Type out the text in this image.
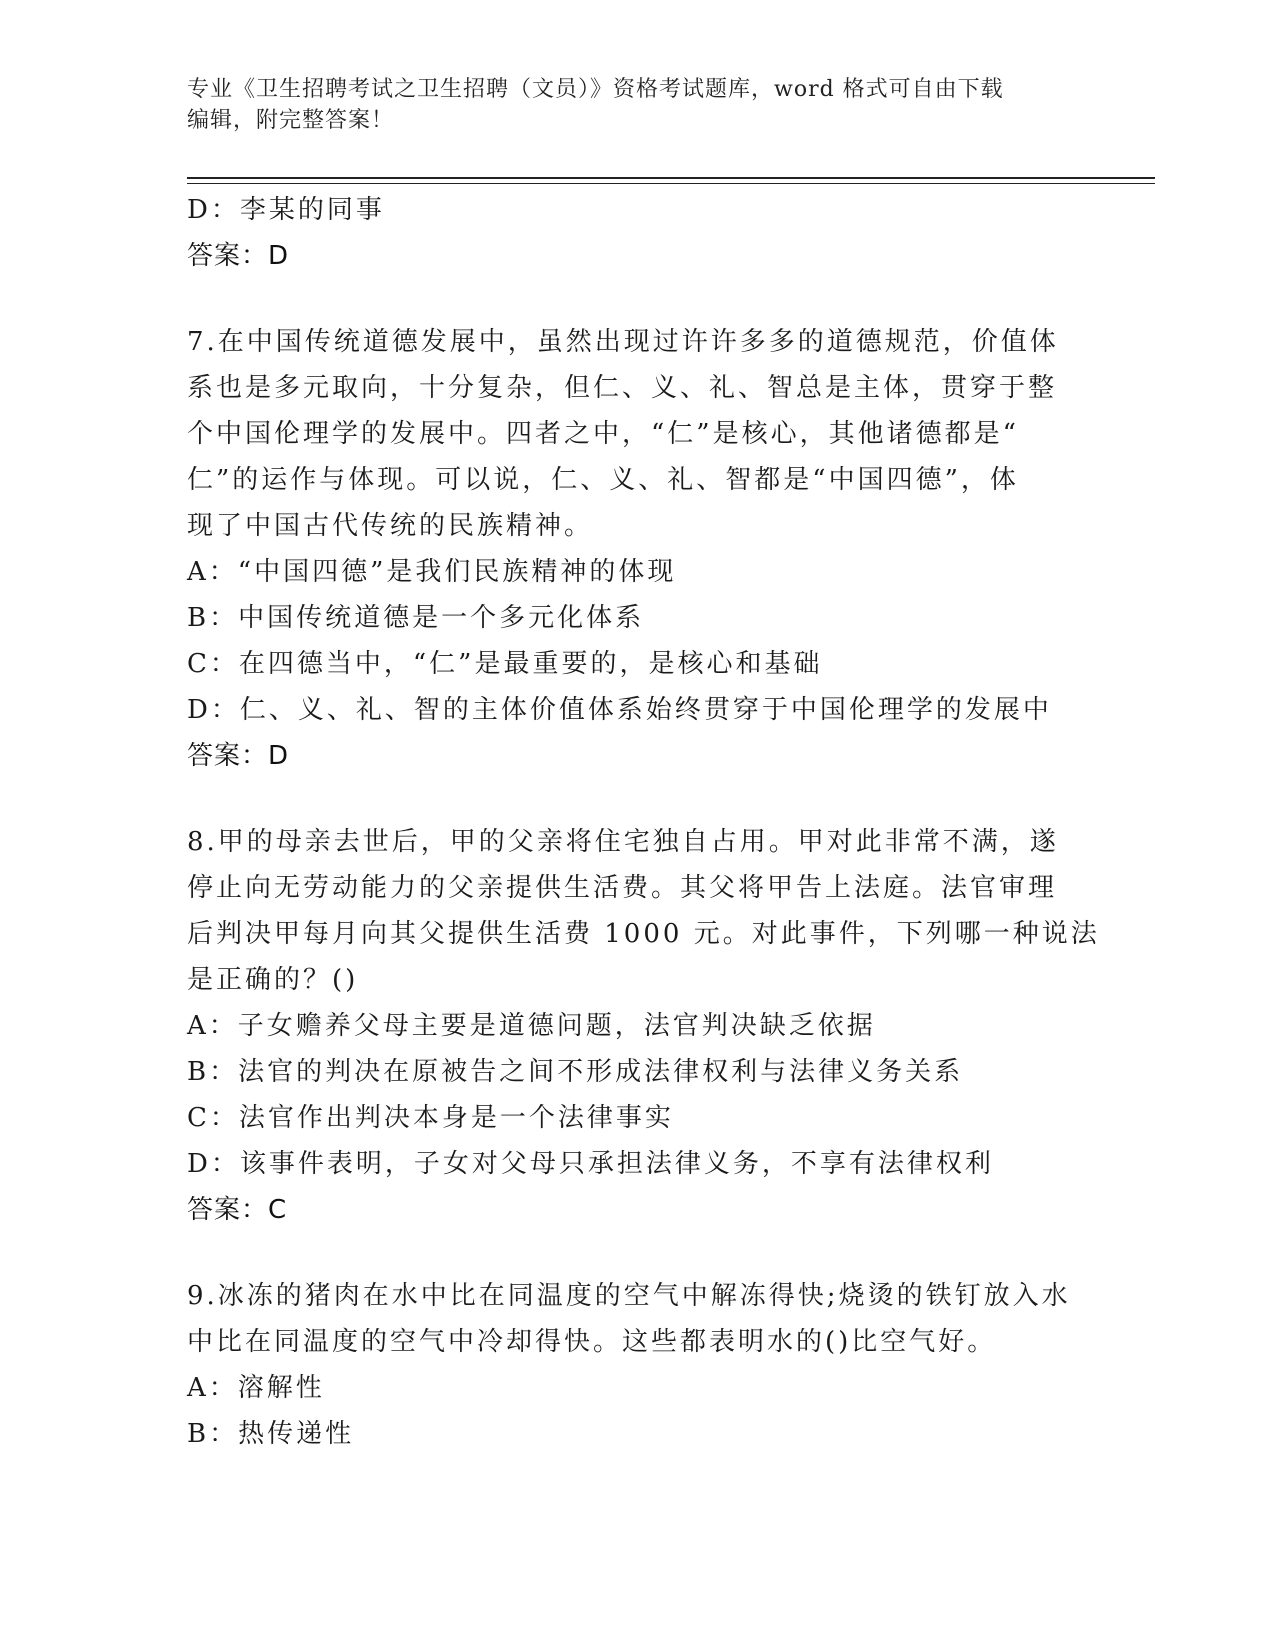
专业《卫生招聘考试之卫生招聘（文员）》资格考试题库，word 格式可自由下载
编辑，附完整答案！
D：李某的同事
答案：D
7.在中国传统道德发展中，虽然出现过许许多多的道德规范，价值体
系也是多元取向，十分复杂，但仁、义、礼、智总是主体，贯穿于整
个中国伦理学的发展中。四者之中，“仁”是核心，其他诸德都是“
仁”的运作与体现。可以说，仁、义、礼、智都是“中国四德”，体
现了中国古代传统的民族精神。
A：“中国四德”是我们民族精神的体现
B：中国传统道德是一个多元化体系
C：在四德当中，“仁”是最重要的，是核心和基础
D：仁、义、礼、智的主体价值体系始终贯穿于中国伦理学的发展中
答案：D
8.甲的母亲去世后，甲的父亲将住宅独自占用。甲对此非常不满，遂
停止向无劳动能力的父亲提供生活费。其父将甲告上法庭。法官审理
后判决甲每月向其父提供生活费 1000 元。对此事件，下列哪一种说法
是正确的？()
A：子女赡养父母主要是道德问题，法官判决缺乏依据
B：法官的判决在原被告之间不形成法律权利与法律义务关系
C：法官作出判决本身是一个法律事实
D：该事件表明，子女对父母只承担法律义务，不享有法律权利
答案：C
9.冰冻的猪肉在水中比在同温度的空气中解冻得快;烧烫的铁钉放入水
中比在同温度的空气中冷却得快。这些都表明水的()比空气好。
A：溶解性
B：热传递性
